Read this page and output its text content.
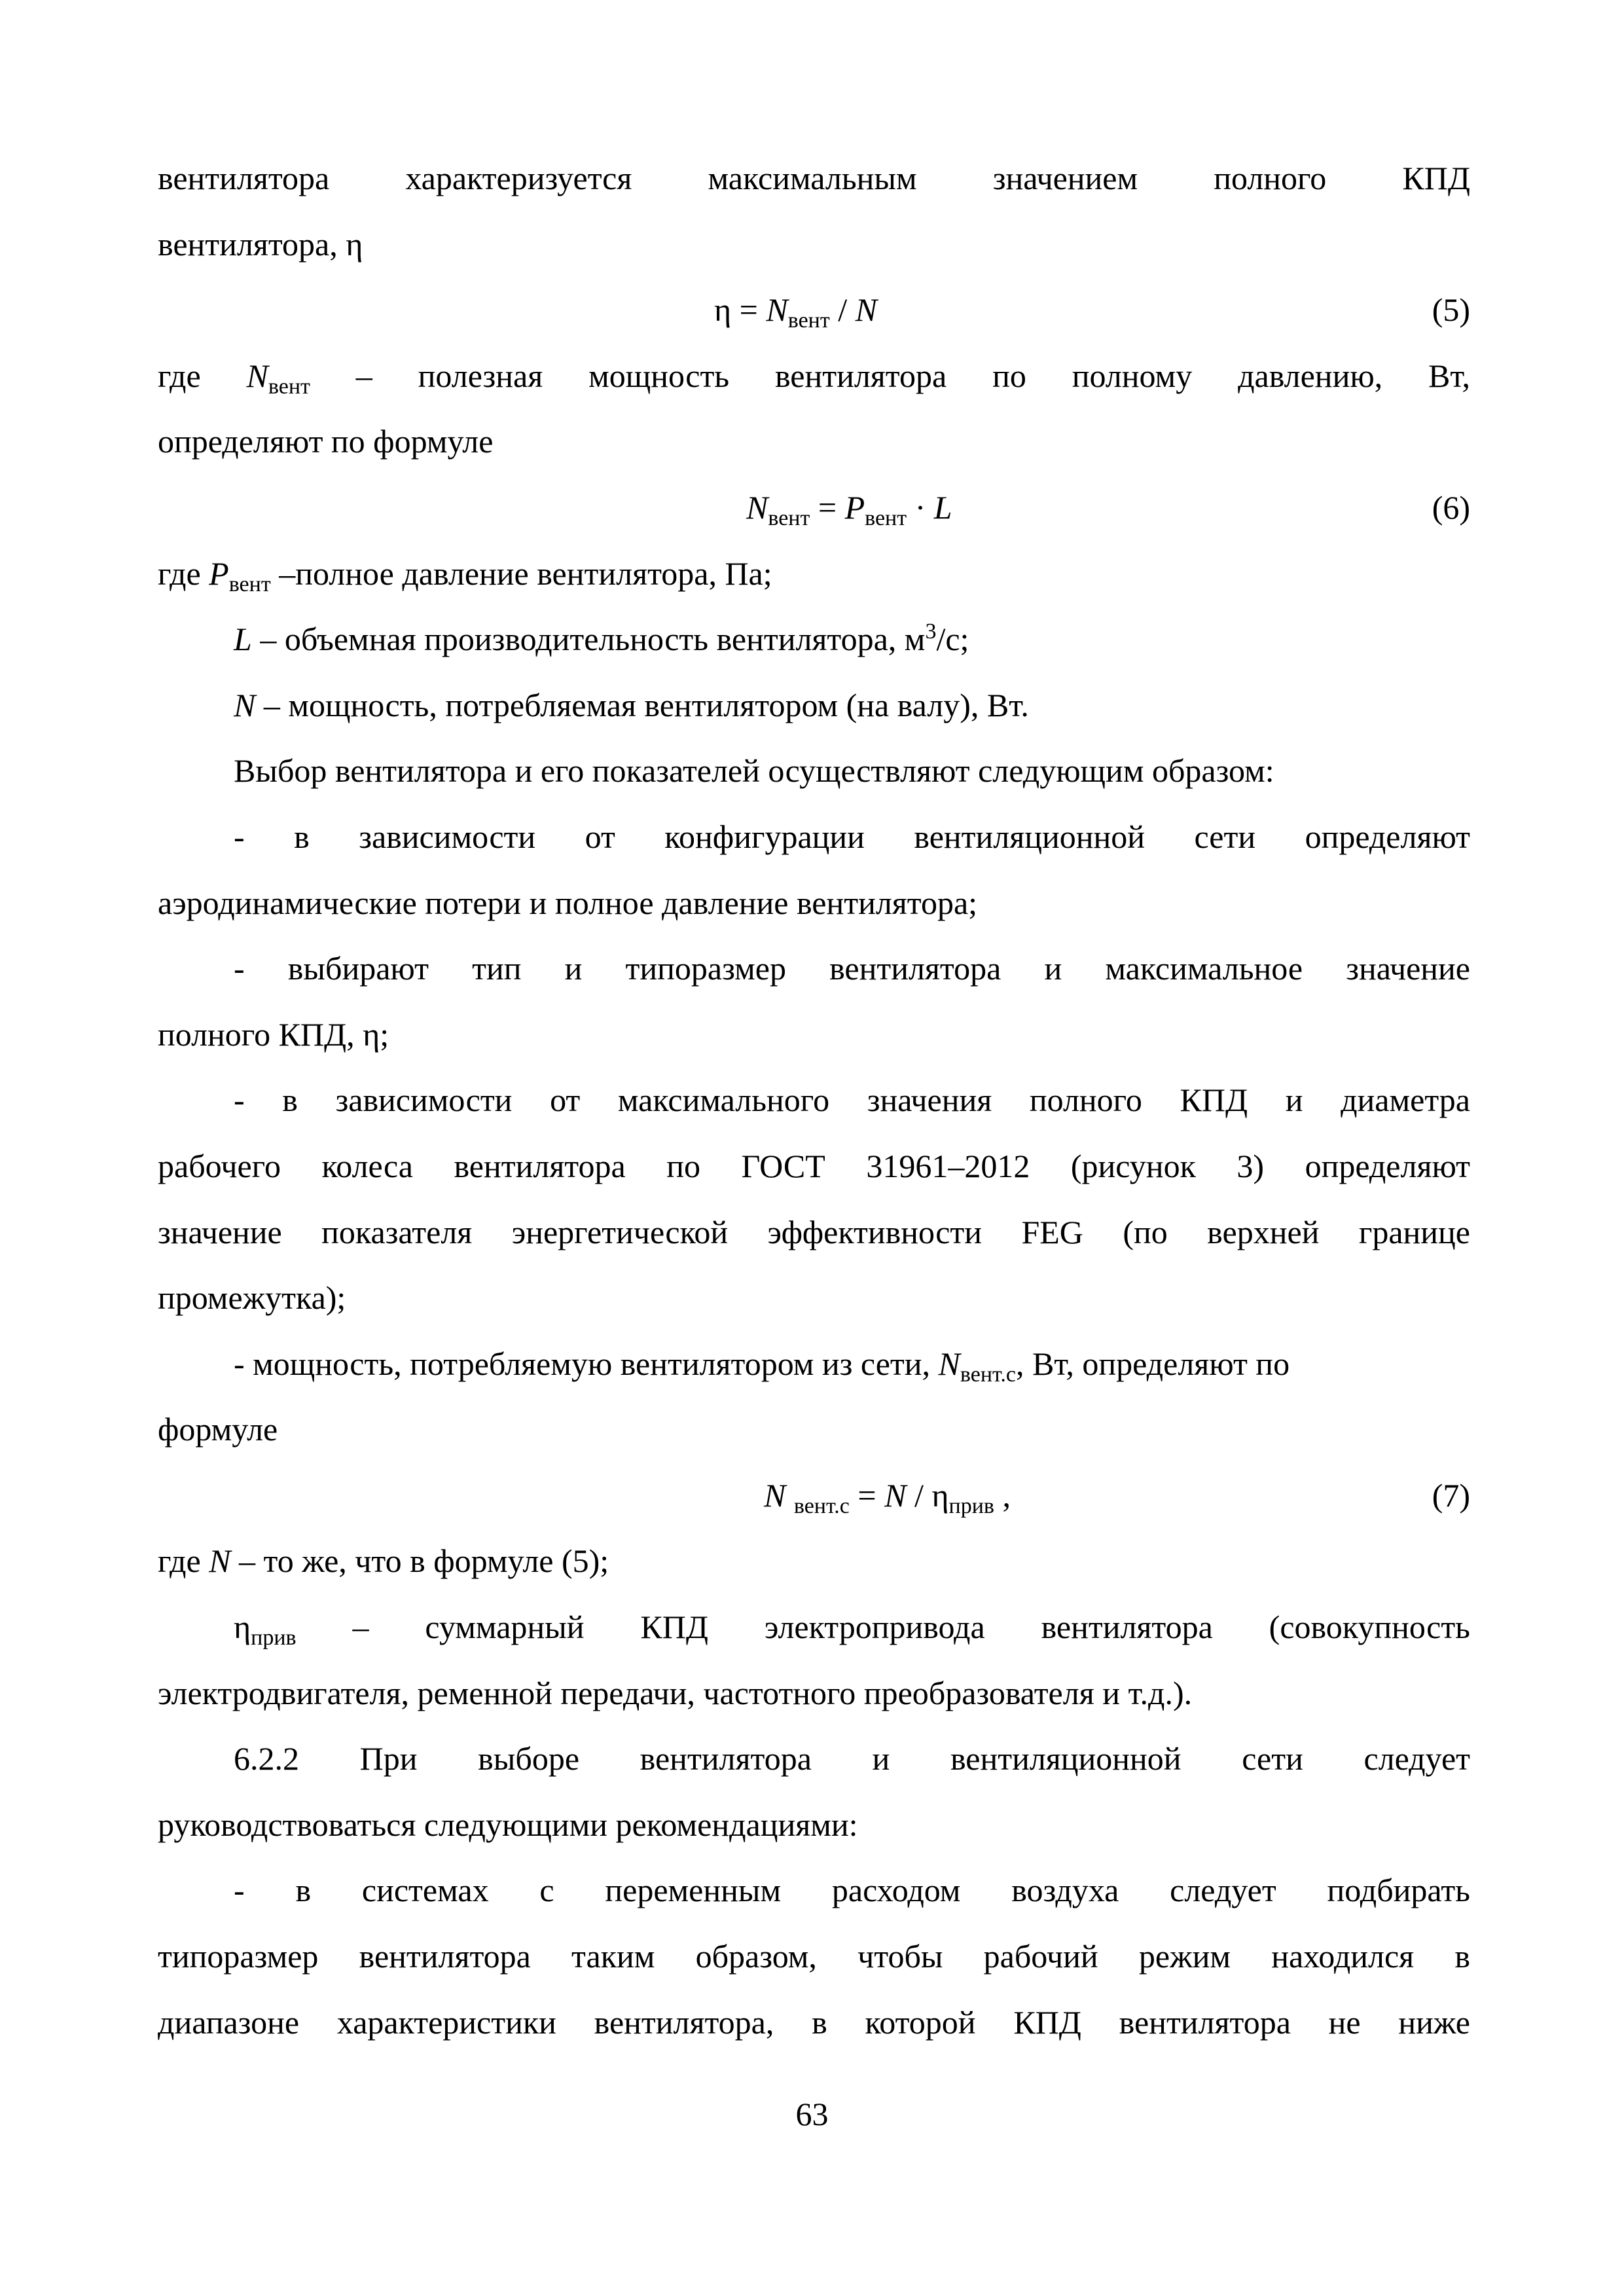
вентилятора характеризуется максимальным значением полного КПД
вентилятора, η
$\eta = N_{вент} / N$	(5)
где $N_{вент}$ – полезная мощность вентилятора по полному давлению, Вт,
определяют по формуле
$N_{вент} = P_{вент} \cdot L$	(6)
где $P_{вент}$ –полное давление вентилятора, Па;
L – объемная производительность вентилятора, $м^3/с$;
N – мощность, потребляемая вентилятором (на валу), Вт.
Выбор вентилятора и его показателей осуществляют следующим образом:
- в зависимости от конфигурации вентиляционной сети определяют
аэродинамические потери и полное давление вентилятора;
- выбирают тип и типоразмер вентилятора и максимальное значение
полного КПД, η;
- в зависимости от максимального значения полного КПД и диаметра
рабочего колеса вентилятора по ГОСТ 31961–2012 (рисунок 3) определяют
значение показателя энергетической эффективности FEG (по верхней границе
промежутка);
- мощность, потребляемую вентилятором из сети, $N_{вент.с}$, Вт, определяют по
формуле
N $_{вент.с} = N / \eta_{прив}$ ,	(7)
где N – то же, что в формуле (5);
$\eta_{прив}$ – суммарный КПД электропривода вентилятора (совокупность
электродвигателя, ременной передачи, частотного преобразователя и т.д.).
6.2.2 При выборе вентилятора и вентиляционной сети следует
руководствоваться следующими рекомендациями:
- в системах с переменным расходом воздуха следует подбирать
типоразмер вентилятора таким образом, чтобы рабочий режим находился в
диапазоне характеристики вентилятора, в которой КПД вентилятора не ниже
63
